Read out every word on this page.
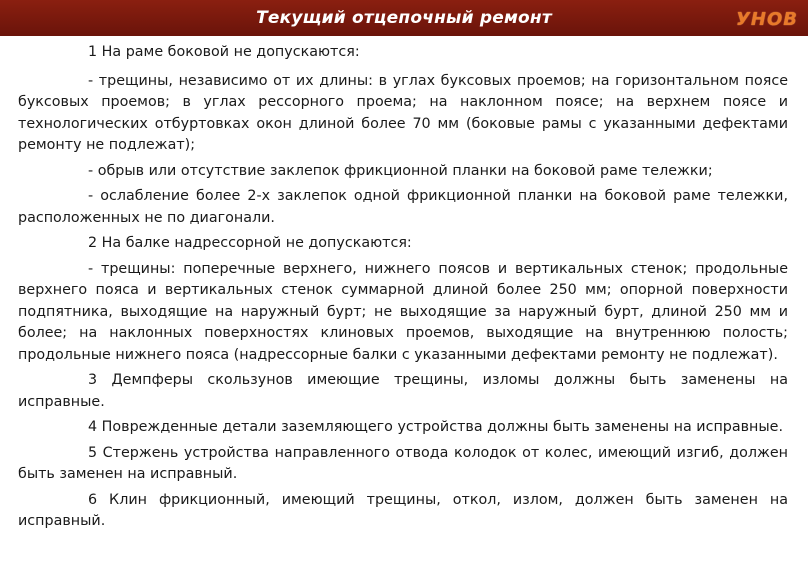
Текущий отцепочный ремонт	УНОВ

1 На раме боковой не допускаются:

- трещины, независимо от их длины: в углах буксовых проемов; на горизонтальном поясе буксовых проемов; в углах рессорного проема; на наклонном поясе; на верхнем поясе и технологических отбуртовках окон длиной более 70 мм (боковые рамы с указанными дефектами ремонту не подлежат);

- обрыв или отсутствие заклепок фрикционной планки на боковой раме тележки;

- ослабление более 2-х заклепок одной фрикционной планки на боковой раме тележки, расположенных не по диагонали.

2 На балке надрессорной не допускаются:

- трещины: поперечные верхнего, нижнего поясов и вертикальных стенок; продольные верхнего пояса и вертикальных стенок суммарной длиной более 250 мм; опорной поверхности подпятника, выходящие на наружный бурт; не выходящие за наружный бурт, длиной 250 мм и более; на наклонных поверхностях клиновых проемов, выходящие на внутреннюю полость; продольные нижнего пояса (надрессорные балки с указанными дефектами ремонту не подлежат).

3 Демпферы скользунов имеющие трещины, изломы должны быть заменены на исправные.

4 Поврежденные детали заземляющего устройства должны быть заменены на исправные.

5 Стержень устройства направленного отвода колодок от колес, имеющий изгиб, должен быть заменен на исправный.

6 Клин фрикционный, имеющий трещины, откол, излом, должен быть заменен на исправный.
